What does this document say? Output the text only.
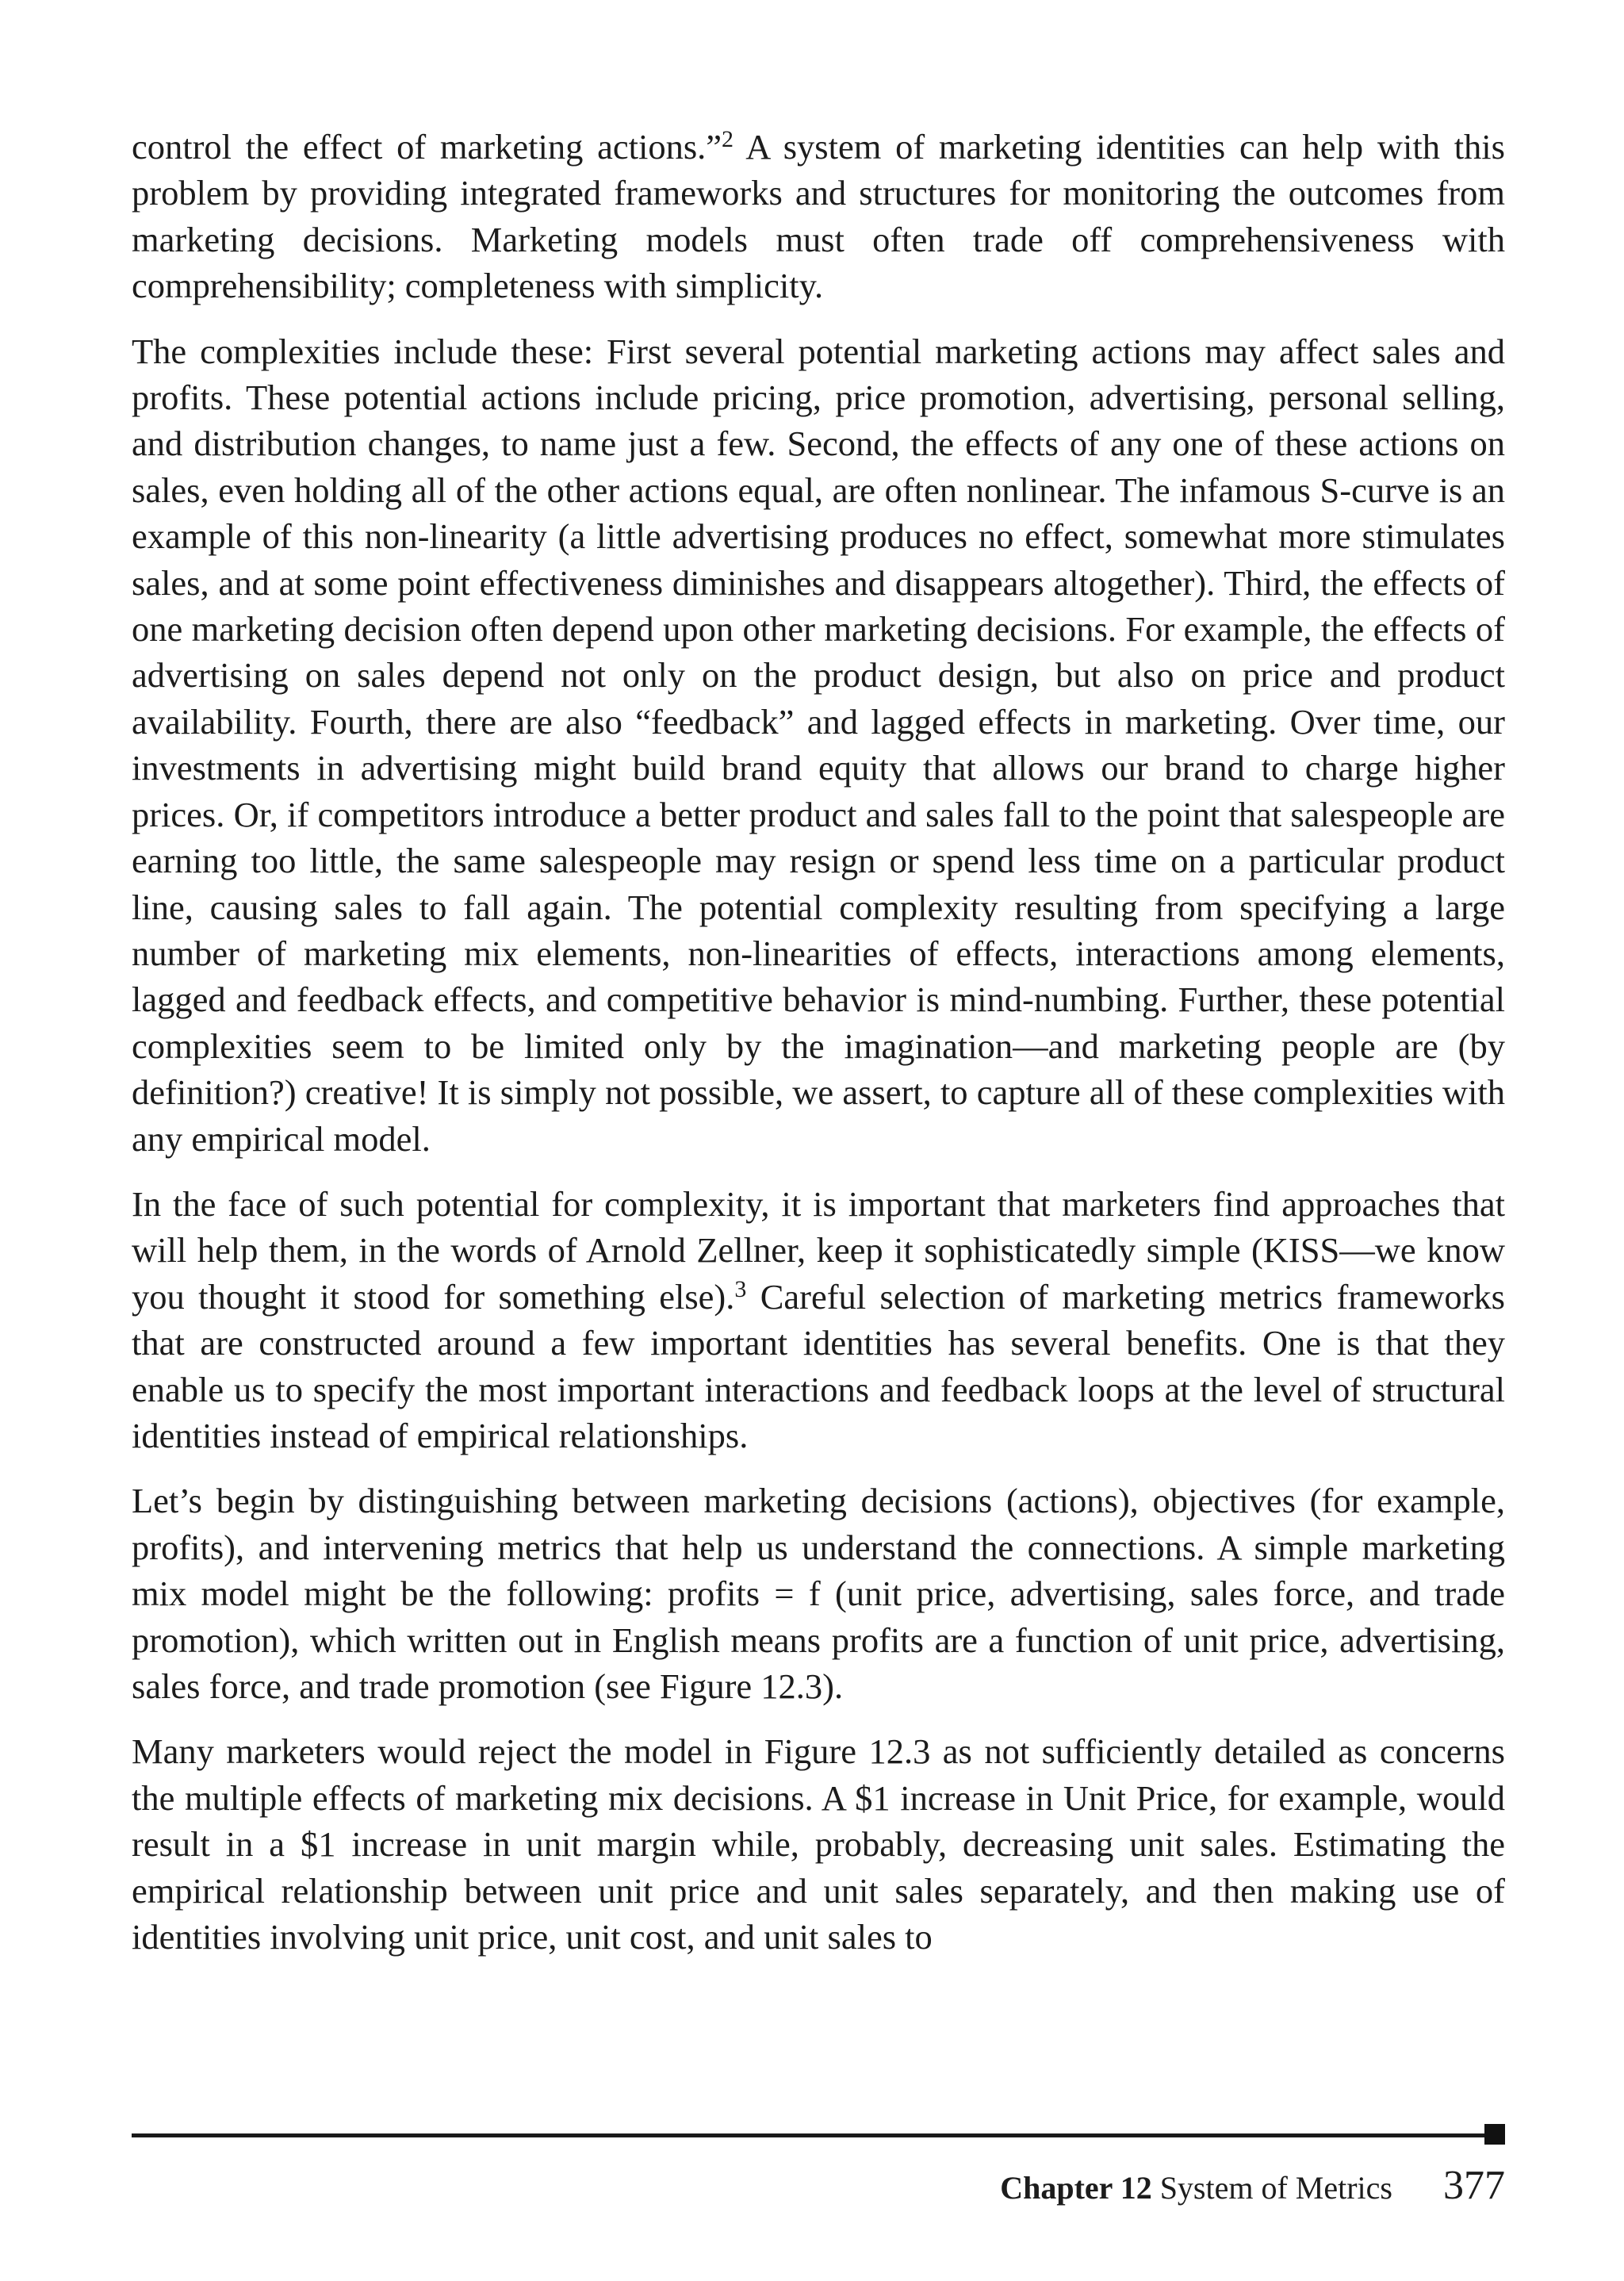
control the effect of marketing actions.”$^2$ A system of marketing identities can help with this problem by providing integrated frameworks and structures for monitoring the outcomes from marketing decisions. Marketing models must often trade off comprehensiveness with comprehensibility; completeness with simplicity.

The complexities include these: First several potential marketing actions may affect sales and profits. These potential actions include pricing, price promotion, advertising, personal selling, and distribution changes, to name just a few. Second, the effects of any one of these actions on sales, even holding all of the other actions equal, are often nonlinear. The infamous S-curve is an example of this non-linearity (a little advertising produces no effect, somewhat more stimulates sales, and at some point effectiveness diminishes and disappears altogether). Third, the effects of one marketing decision often depend upon other marketing decisions. For example, the effects of advertising on sales depend not only on the product design, but also on price and product availability. Fourth, there are also “feedback” and lagged effects in marketing. Over time, our investments in advertising might build brand equity that allows our brand to charge higher prices. Or, if competitors introduce a better product and sales fall to the point that salespeople are earning too little, the same salespeople may resign or spend less time on a particular product line, causing sales to fall again. The potential complexity resulting from specifying a large number of marketing mix elements, non-linearities of effects, interactions among elements, lagged and feedback effects, and competitive behavior is mind-numbing. Further, these potential complexities seem to be limited only by the imagination—and marketing people are (by definition?) creative! It is simply not possible, we assert, to capture all of these complexities with any empirical model.

In the face of such potential for complexity, it is important that marketers find approaches that will help them, in the words of Arnold Zellner, keep it sophisticatedly simple (KISS—we know you thought it stood for something else).$^3$ Careful selection of marketing metrics frameworks that are constructed around a few important identities has several benefits. One is that they enable us to specify the most important interactions and feedback loops at the level of structural identities instead of empirical relationships.

Let’s begin by distinguishing between marketing decisions (actions), objectives (for example, profits), and intervening metrics that help us understand the connections. A simple marketing mix model might be the following: profits = f (unit price, advertising, sales force, and trade promotion), which written out in English means profits are a function of unit price, advertising, sales force, and trade promotion (see Figure 12.3).

Many marketers would reject the model in Figure 12.3 as not sufficiently detailed as concerns the multiple effects of marketing mix decisions. A $1 increase in Unit Price, for example, would result in a $1 increase in unit margin while, probably, decreasing unit sales. Estimating the empirical relationship between unit price and unit sales separately, and then making use of identities involving unit price, unit cost, and unit sales to

Chapter 12 System of Metrics 377
